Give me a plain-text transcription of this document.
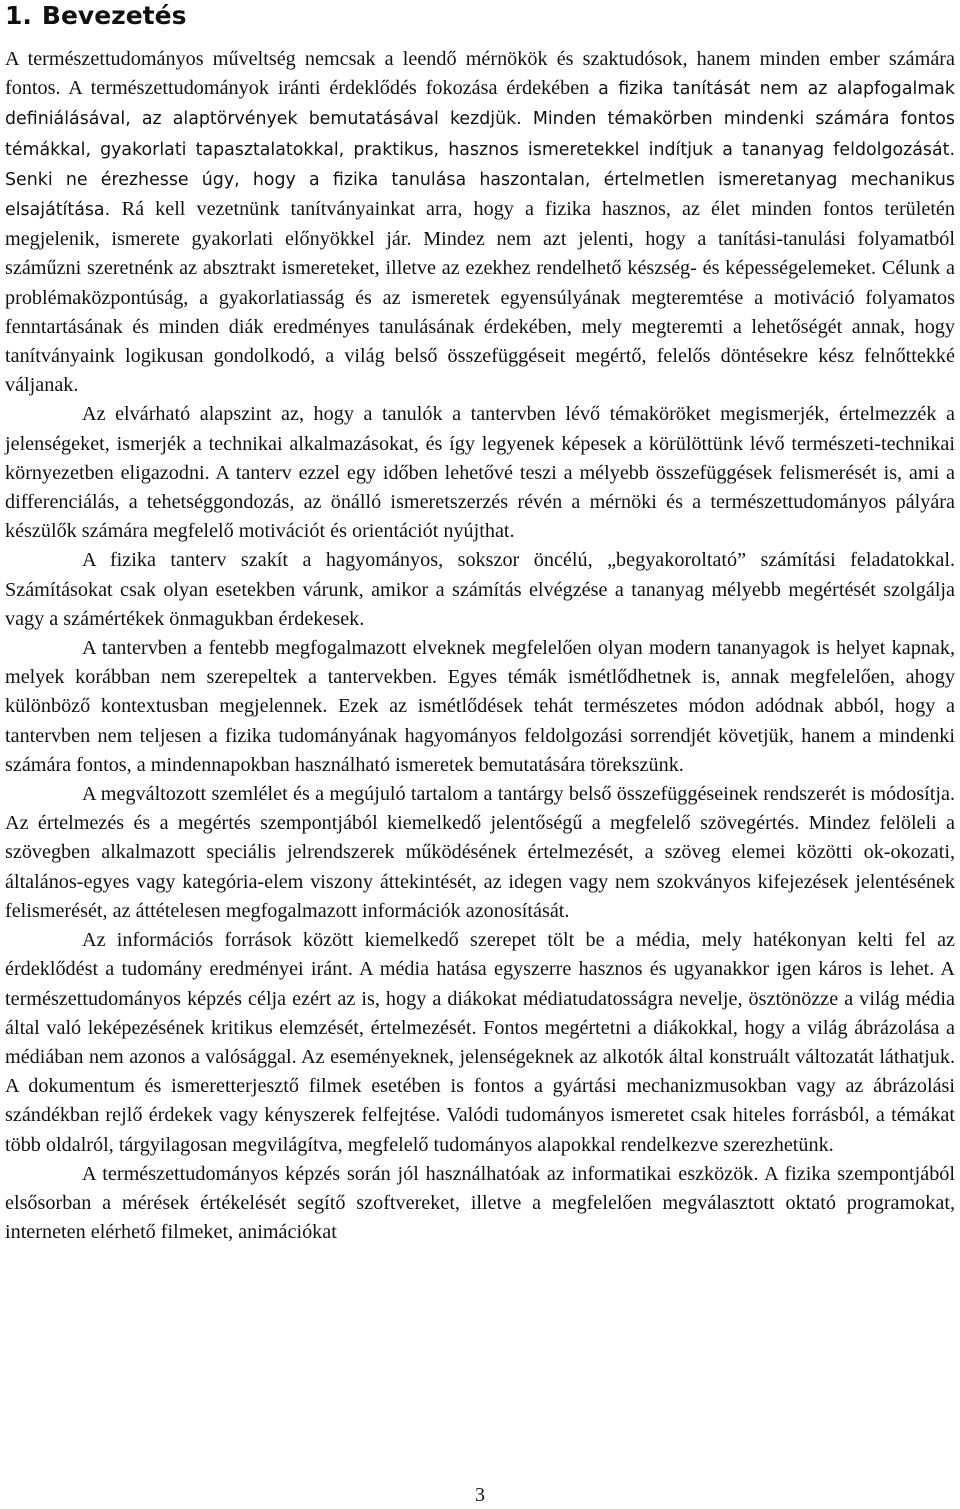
1. Bevezetés

A természettudományos műveltség nemcsak a leendő mérnökök és szaktudósok, hanem minden ember számára fontos. A természettudományok iránti érdeklődés fokozása érdekében a fizika tanítását nem az alapfogalmak definiálásával, az alaptörvények bemutatásával kezdjük. Minden témakörben mindenki számára fontos témákkal, gyakorlati tapasztalatokkal, praktikus, hasznos ismeretekkel indítjuk a tananyag feldolgozását. Senki ne érezhesse úgy, hogy a fizika tanulása haszontalan, értelmetlen ismeretanyag mechanikus elsajátítása. Rá kell vezetnünk tanítványainkat arra, hogy a fizika hasznos, az élet minden fontos területén megjelenik, ismerete gyakorlati előnyökkel jár. Mindez nem azt jelenti, hogy a tanítási-tanulási folyamatból száműzni szeretnénk az absztrakt ismereteket, illetve az ezekhez rendelhető készség- és képességelemeket. Célunk a problémaközpontúság, a gyakorlatiasság és az ismeretek egyensúlyának megteremtése a motiváció folyamatos fenntartásának és minden diák eredményes tanulásának érdekében, mely megteremti a lehetőségét annak, hogy tanítványaink logikusan gondolkodó, a világ belső összefüggéseit megértő, felelős döntésekre kész felnőttekké váljanak.

Az elvárható alapszint az, hogy a tanulók a tantervben lévő témaköröket megismerjék, értelmezzék a jelenségeket, ismerjék a technikai alkalmazásokat, és így legyenek képesek a körülöttünk lévő természeti-technikai környezetben eligazodni. A tanterv ezzel egy időben lehetővé teszi a mélyebb összefüggések felismerését is, ami a differenciálás, a tehetséggondozás, az önálló ismeretszerzés révén a mérnöki és a természettudományos pályára készülők számára megfelelő motivációt és orientációt nyújthat.

A fizika tanterv szakít a hagyományos, sokszor öncélú, „begyakoroltató” számítási feladatokkal. Számításokat csak olyan esetekben várunk, amikor a számítás elvégzése a tananyag mélyebb megértését szolgálja vagy a számértékek önmagukban érdekesek.

A tantervben a fentebb megfogalmazott elveknek megfelelően olyan modern tananyagok is helyet kapnak, melyek korábban nem szerepeltek a tantervekben. Egyes témák ismétlődhetnek is, annak megfelelően, ahogy különböző kontextusban megjelennek. Ezek az ismétlődések tehát természetes módon adódnak abból, hogy a tantervben nem teljesen a fizika tudományának hagyományos feldolgozási sorrendjét követjük, hanem a mindenki számára fontos, a mindennapokban használható ismeretek bemutatására törekszünk.

A megváltozott szemlélet és a megújuló tartalom a tantárgy belső összefüggéseinek rendszerét is módosítja. Az értelmezés és a megértés szempontjából kiemelkedő jelentőségű a megfelelő szövegértés. Mindez felöleli a szövegben alkalmazott speciális jelrendszerek működésének értelmezését, a szöveg elemei közötti ok-okozati, általános-egyes vagy kategória-elem viszony áttekintését, az idegen vagy nem szokványos kifejezések jelentésének felismerését, az áttételesen megfogalmazott információk azonosítását.

Az információs források között kiemelkedő szerepet tölt be a média, mely hatékonyan kelti fel az érdeklődést a tudomány eredményei iránt. A média hatása egyszerre hasznos és ugyanakkor igen káros is lehet. A természettudományos képzés célja ezért az is, hogy a diákokat médiatudatosságra nevelje, ösztönözze a világ média által való leképezésének kritikus elemzését, értelmezését. Fontos megértetni a diákokkal, hogy a világ ábrázolása a médiában nem azonos a valósággal. Az eseményeknek, jelenségeknek az alkotók által konstruált változatát láthatjuk. A dokumentum és ismeretterjesztő filmek esetében is fontos a gyártási mechanizmusokban vagy az ábrázolási szándékban rejlő érdekek vagy kényszerek felfejtése. Valódi tudományos ismeretet csak hiteles forrásból, a témákat több oldalról, tárgyilagosan megvilágítva, megfelelő tudományos alapokkal rendelkezve szerezhetünk.

A természettudományos képzés során jól használhatóak az informatikai eszközök. A fizika szempontjából elsősorban a mérések értékelését segítő szoftvereket, illetve a megfelelően megválasztott oktató programokat, interneten elérhető filmeket, animációkat

3
